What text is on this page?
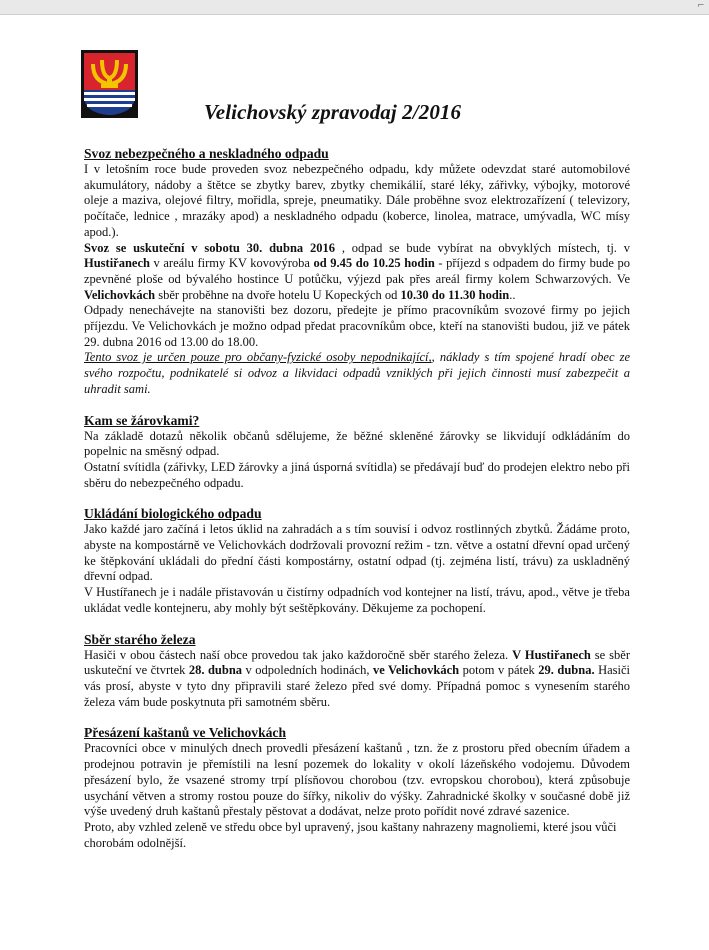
⌐
Velichovský zpravodaj 2/2016
Svoz nebezpečného a neskladného odpadu

I v letošním roce bude proveden svoz nebezpečného odpadu, kdy můžete odevzdat staré automobilové akumulátory, nádoby a štětce se zbytky barev, zbytky chemikálií, staré léky, zářivky, výbojky, motorové oleje a maziva, olejové filtry, mořidla, spreje, pneumatiky. Dále proběhne svoz elektrozařízení ( televizory, počítače, lednice , mrazáky apod) a neskladného odpadu (koberce, linolea, matrace, umývadla, WC mísy apod.).

Svoz se uskuteční v sobotu 30. dubna 2016 , odpad se bude vybírat na obvyklých místech, tj. v Hustiřanech v areálu firmy KV kovovýroba od 9.45 do 10.25 hodin - příjezd s odpadem do firmy bude po zpevněné ploše od bývalého hostince U potůčku, výjezd pak přes areál firmy kolem Schwarzových. Ve Velichovkách sběr proběhne na dvoře hotelu U Kopeckých od 10.30 do 11.30 hodin..

Odpady nenechávejte na stanovišti bez dozoru, předejte je přímo pracovníkům svozové firmy po jejich příjezdu. Ve Velichovkách je možno odpad předat pracovníkům obce, kteří na stanovišti budou, již ve pátek 29. dubna 2016 od 13.00 do 18.00.

Tento svoz je určen pouze pro občany-fyzické osoby nepodnikající,, náklady s tím spojené hradí obec ze svého rozpočtu, podnikatelé si odvoz a likvidaci odpadů vzniklých při jejich činnosti musí zabezpečit a uhradit sami.

Kam se žárovkami?

Na základě dotazů několik občanů sdělujeme, že běžné skleněné žárovky se likvidují odkládáním do popelnic na směsný odpad.

Ostatní svítidla (zářivky, LED žárovky a jiná úsporná svítidla) se předávají buď do prodejen elektro nebo při sběru do nebezpečného odpadu.

Ukládání biologického odpadu

Jako každé jaro začíná i letos úklid na zahradách a s tím souvisí i odvoz rostlinných zbytků. Žádáme proto, abyste na kompostárně ve Velichovkách dodržovali provozní režim - tzn. větve a ostatní dřevní opad určený ke štěpkování ukládali do přední části kompostárny, ostatní odpad (tj. zejména listí, trávu) za uskladněný dřevní odpad.

V Hustířanech je i nadále přistavován u čistírny odpadních vod kontejner na listí, trávu, apod., větve je třeba ukládat vedle kontejneru, aby mohly být seštěpkovány. Děkujeme za pochopení.

Sběr starého železa

Hasiči v obou částech naší obce provedou tak jako každoročně sběr starého železa. V Hustiřanech se sběr uskuteční ve čtvrtek 28. dubna v odpoledních hodinách, ve Velichovkách potom v pátek 29. dubna. Hasiči vás prosí, abyste v tyto dny připravili staré železo před své domy. Případná pomoc s vynesením starého železa vám bude poskytnuta při samotném sběru.

Přesázení kaštanů ve Velichovkách

Pracovníci obce v minulých dnech provedli přesázení kaštanů , tzn. že z prostoru před obecním úřadem a prodejnou potravin je přemístili na lesní pozemek do lokality v okolí lázeňského vodojemu. Důvodem přesázení bylo, že vsazené stromy trpí plísňovou chorobou (tzv. evropskou chorobou), která způsobuje usychání větven a stromy rostou pouze do šířky, nikoliv do výšky. Zahradnické školky v současné době již výše uvedený druh kaštanů přestaly pěstovat a dodávat, nelze proto pořídit nové zdravé sazenice.

Proto, aby vzhled zeleně ve středu obce byl upravený, jsou kaštany nahrazeny magnoliemi, které jsou vůči chorobám odolnější.
